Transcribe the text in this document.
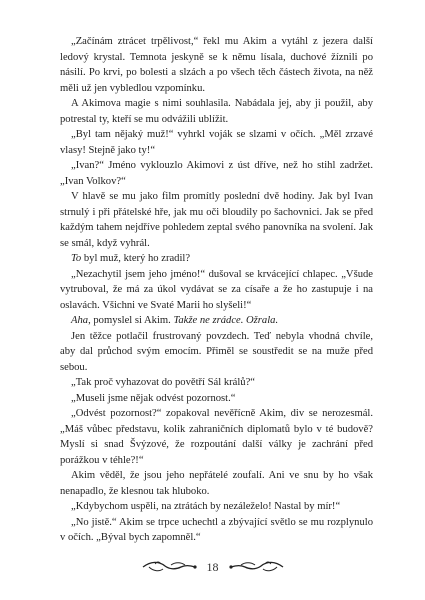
„Začínám ztrácet trpělivost,“ řekl mu Akim a vytáhl z jezera další ledový krystal. Temnota jeskyně se k němu lísala, duchové žíznili po násilí. Po krvi, po bolesti a slzách a po všech těch částech života, na něž měli už jen vybledlou vzpomínku.

A Akimova magie s nimi souhlasila. Nabádala jej, aby ji použil, aby potrestal ty, kteří se mu odvážili ublížit.

„Byl tam nějaký muž!“ vyhrkl voják se slzami v očích. „Měl zrzavé vlasy! Stejně jako ty!“

„Ivan?“ Jméno vyklouzlo Akimovi z úst dříve, než ho stihl zadržet. „Ivan Volkov?“

V hlavě se mu jako film promítly poslední dvě hodiny. Jak byl Ivan strnulý i při přátelské hře, jak mu oči bloudily po šachovnici. Jak se před každým tahem nejdříve pohledem zeptal svého panovníka na svolení. Jak se smál, když vyhrál.

To byl muž, který ho zradil?

„Nezachytil jsem jeho jméno!“ dušoval se krvácející chlapec. „Všude vytruboval, že má za úkol vydávat se za císaře a že ho zastupuje i na oslavách. Všichni ve Svaté Marii ho slyšeli!“

Aha, pomyslel si Akim. Takže ne zrádce. Ožrala.

Jen těžce potlačil frustrovaný povzdech. Teď nebyla vhodná chvíle, aby dal průchod svým emocím. Přiměl se soustředit se na muže před sebou.

„Tak proč vyhazovat do povětří Sál králů?“

„Museli jsme nějak odvést pozornost.“

„Odvést pozornost?“ zopakoval nevěřícně Akim, div se nerozesmál. „Máš vůbec představu, kolik zahraničních diplomatů bylo v té budově? Myslí si snad Švýzové, že rozpoutání další války je zachrání před porážkou v téhle?!“

Akim věděl, že jsou jeho nepřátelé zoufalí. Ani ve snu by ho však nenapadlo, že klesnou tak hluboko.

„Kdybychom uspěli, na ztrátách by nezáleželo! Nastal by mír!“

„No jistě.“ Akim se trpce uchechtl a zbývající světlo se mu rozplynulo v očích. „Býval bych zapomněl.“

18
